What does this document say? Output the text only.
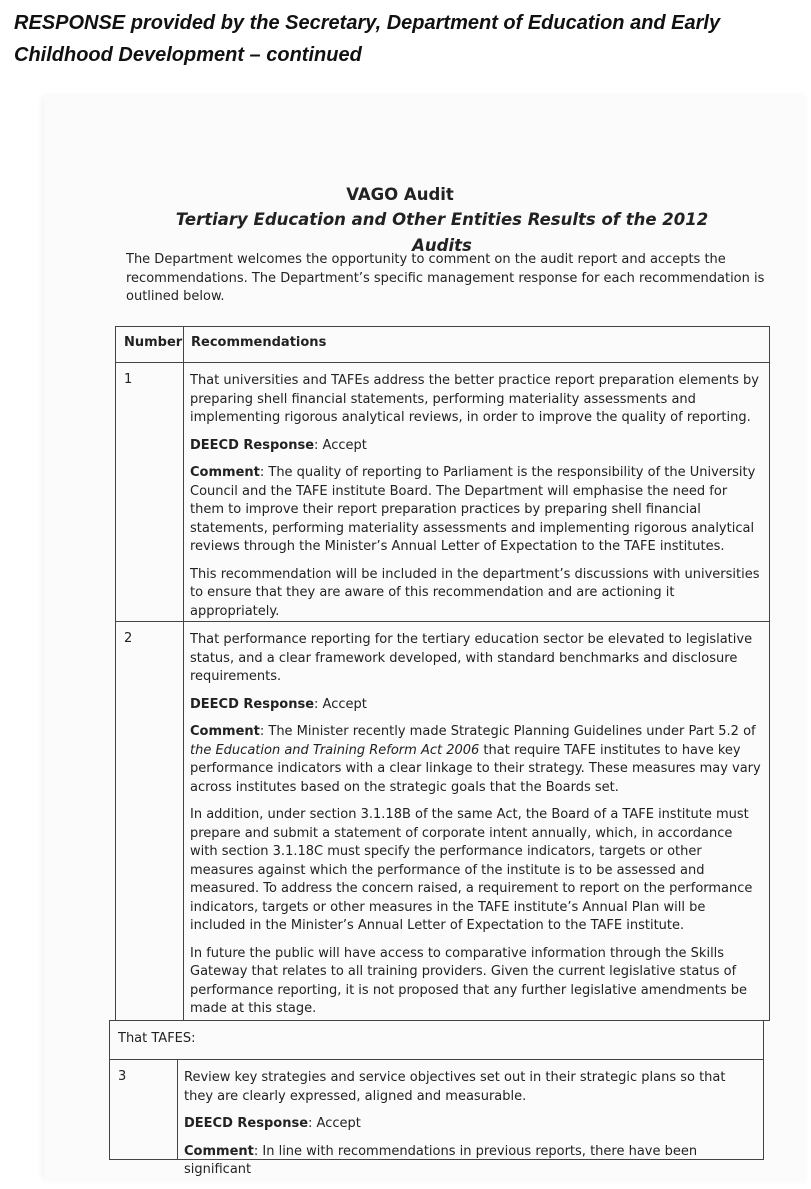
RESPONSE provided by the Secretary, Department of Education and Early
Childhood Development – continued
VAGO Audit
Tertiary Education and Other Entities Results of the 2012 Audits
The Department welcomes the opportunity to comment on the audit report and accepts the recommendations. The Department’s specific management response for each recommendation is outlined below.
Number Recommendations
1	That universities and TAFEs address the better practice report preparation elements by preparing shell financial statements, performing materiality assessments and implementing rigorous analytical reviews, in order to improve the quality of reporting.

DEECD Response: Accept

Comment: The quality of reporting to Parliament is the responsibility of the University Council and the TAFE institute Board. The Department will emphasise the need for them to improve their report preparation practices by preparing shell financial statements, performing materiality assessments and implementing rigorous analytical reviews through the Minister’s Annual Letter of Expectation to the TAFE institutes.

This recommendation will be included in the department’s discussions with universities to ensure that they are aware of this recommendation and are actioning it appropriately.

2	That performance reporting for the tertiary education sector be elevated to legislative status, and a clear framework developed, with standard benchmarks and disclosure requirements.

DEECD Response: Accept

Comment: The Minister recently made Strategic Planning Guidelines under Part 5.2 of the Education and Training Reform Act 2006 that require TAFE institutes to have key performance indicators with a clear linkage to their strategy. These measures may vary across institutes based on the strategic goals that the Boards set.

In addition, under section 3.1.18B of the same Act, the Board of a TAFE institute must prepare and submit a statement of corporate intent annually, which, in accordance with section 3.1.18C must specify the performance indicators, targets or other measures against which the performance of the institute is to be assessed and measured. To address the concern raised, a requirement to report on the performance indicators, targets or other measures in the TAFE institute’s Annual Plan will be included in the Minister’s Annual Letter of Expectation to the TAFE institute.

In future the public will have access to comparative information through the Skills Gateway that relates to all training providers. Given the current legislative status of performance reporting, it is not proposed that any further legislative amendments be made at this stage.

That TAFES:
3	Review key strategies and service objectives set out in their strategic plans so that they are clearly expressed, aligned and measurable.

DEECD Response: Accept

Comment: In line with recommendations in previous reports, there have been significant
